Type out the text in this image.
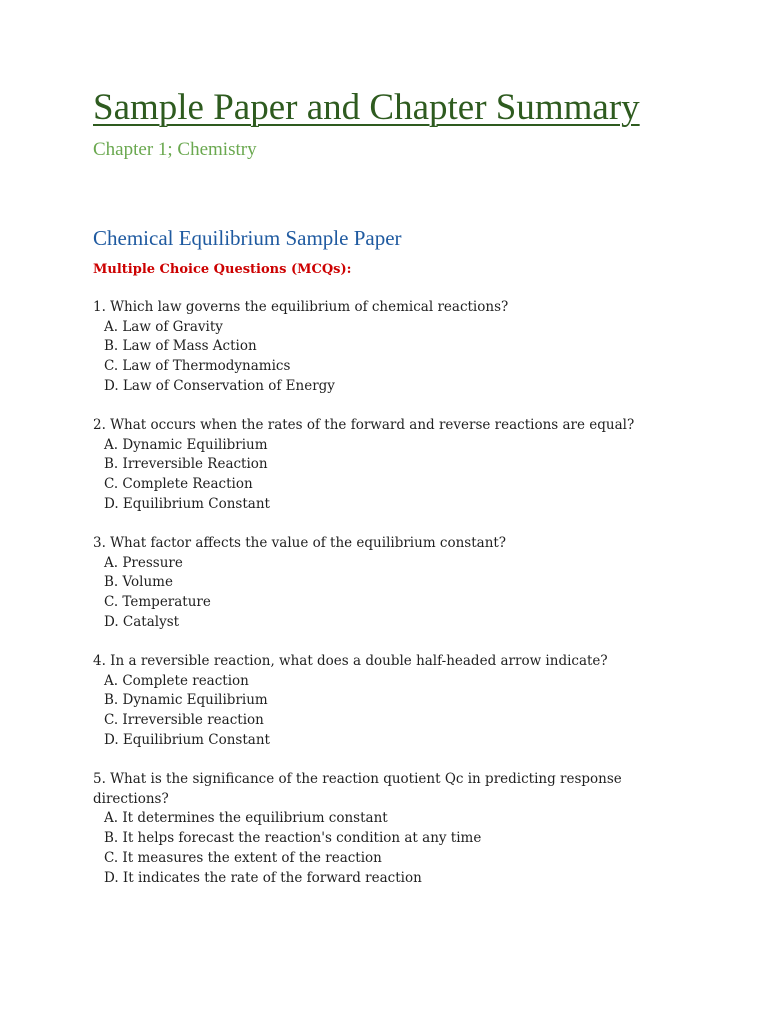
Sample Paper and Chapter Summary
Chapter 1; Chemistry
Chemical Equilibrium Sample Paper
Multiple Choice Questions (MCQs):
1. Which law governs the equilibrium of chemical reactions?
A. Law of Gravity
B. Law of Mass Action
C. Law of Thermodynamics
D. Law of Conservation of Energy
2. What occurs when the rates of the forward and reverse reactions are equal?
A. Dynamic Equilibrium
B. Irreversible Reaction
C. Complete Reaction
D. Equilibrium Constant
3. What factor affects the value of the equilibrium constant?
A. Pressure
B. Volume
C. Temperature
D. Catalyst
4. In a reversible reaction, what does a double half-headed arrow indicate?
A. Complete reaction
B. Dynamic Equilibrium
C. Irreversible reaction
D. Equilibrium Constant
5. What is the significance of the reaction quotient Qc in predicting response directions?
A. It determines the equilibrium constant
B. It helps forecast the reaction's condition at any time
C. It measures the extent of the reaction
D. It indicates the rate of the forward reaction
